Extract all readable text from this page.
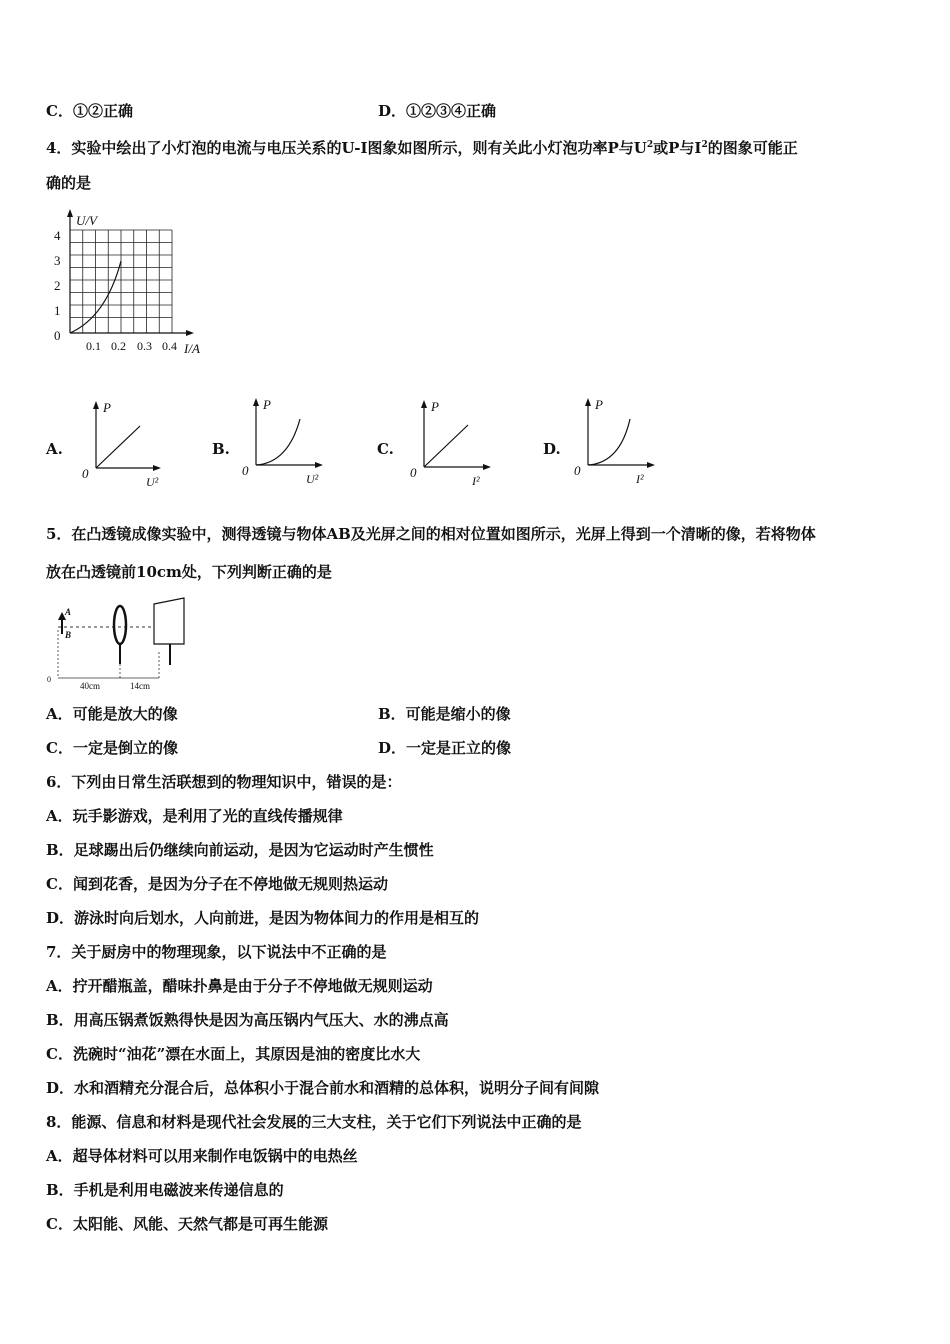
C．①②正确	D．①②③④正确
4．实验中绘出了小灯泡的电流与电压关系的U-I图象如图所示，则有关此小灯泡功率P与$U^2$或P与$I^2$的图象可能正
确的是
U/V
I/A
4
3
2
1
0
0.1 0.2 0.3 0.4
A.
P
0
U²
B.
P
0
U²
C.
P
0
I²
D.
P
0
I²
5．在凸透镜成像实验中，测得透镜与物体AB及光屏之间的相对位置如图所示，光屏上得到一个清晰的像，若将物体
放在凸透镜前10cm处，下列判断正确的是
A
B
0
40cm	14cm
A．可能是放大的像	B．可能是缩小的像
C．一定是倒立的像	D．一定是正立的像
6．下列由日常生活联想到的物理知识中，错误的是：
A．玩手影游戏，是利用了光的直线传播规律
B．足球踢出后仍继续向前运动，是因为它运动时产生惯性
C．闻到花香，是因为分子在不停地做无规则热运动
D．游泳时向后划水，人向前进，是因为物体间力的作用是相互的
7．关于厨房中的物理现象，以下说法中不正确的是
A．拧开醋瓶盖，醋味扑鼻是由于分子不停地做无规则运动
B．用高压锅煮饭熟得快是因为高压锅内气压大、水的沸点高
C．洗碗时“油花”漂在水面上，其原因是油的密度比水大
D．水和酒精充分混合后，总体积小于混合前水和酒精的总体积，说明分子间有间隙
8．能源、信息和材料是现代社会发展的三大支柱，关于它们下列说法中正确的是
A．超导体材料可以用来制作电饭锅中的电热丝
B．手机是利用电磁波来传递信息的
C．太阳能、风能、天然气都是可再生能源
